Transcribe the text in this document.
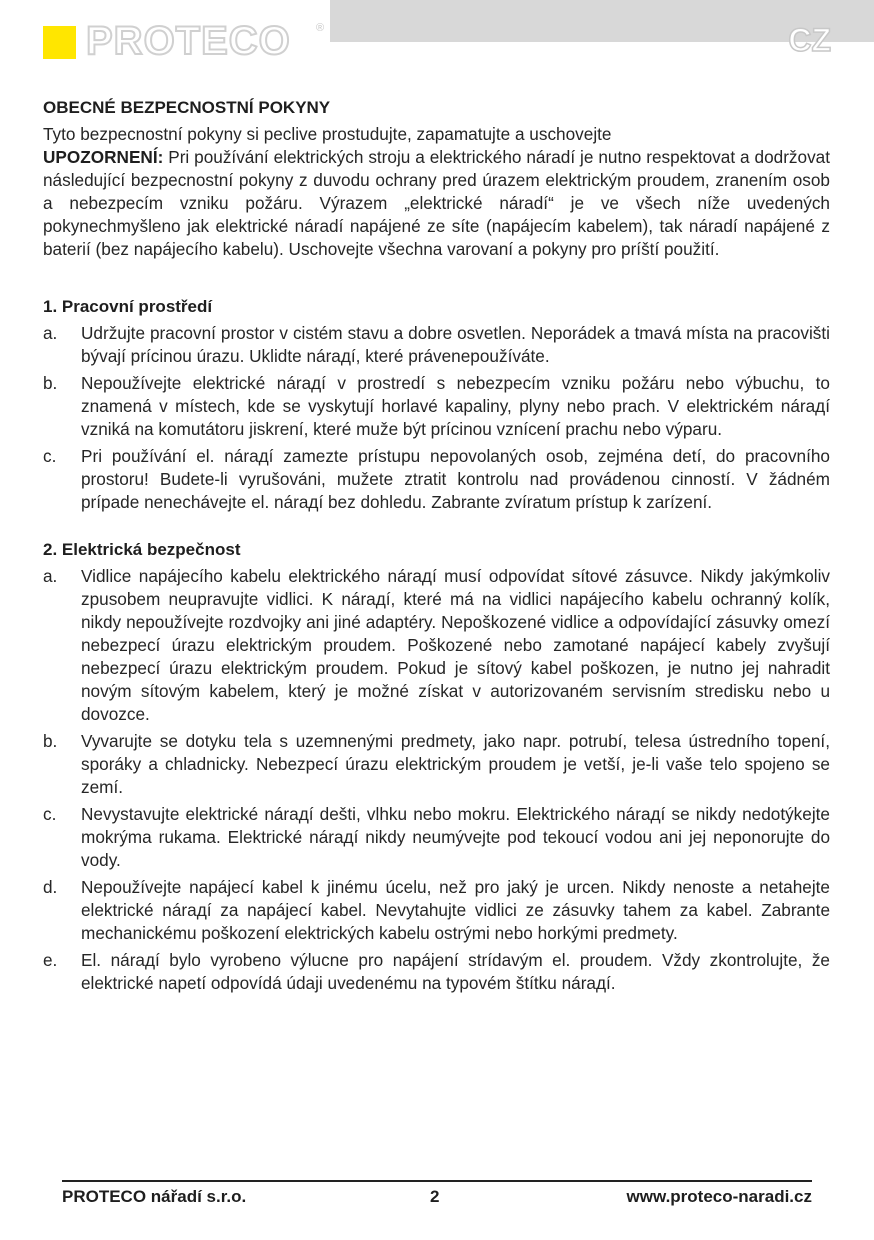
PROTECO ®	CZ
OBECNÉ BEZPECNOSTNÍ POKYNY

Tyto bezpecnostní pokyny si peclive prostudujte, zapamatujte a uschovejte

UPOZORNENÍ: Pri používání elektrických stroju a elektrického náradí je nutno respektovat a dodržovat následující bezpecnostní pokyny z duvodu ochrany pred úrazem elektrickým proudem, zranením osob a nebezpecím vzniku požáru. Výrazem „elektrické náradí“ je ve všech níže uvedených pokynechmyšleno jak elektrické náradí napájené ze síte (napájecím kabelem), tak náradí napájené z baterií (bez napájecího kabelu). Uschovejte všechna varovaní a pokyny pro príští použití.

1. Pracovní prostředí
a.	Udržujte pracovní prostor v cistém stavu a dobre osvetlen. Neporádek a tmavá místa na pracovišti bývají prícinou úrazu. Uklidte nárадí, které právenepoužíváte.
b.	Nepoužívejte elektrické nárадí v prostredí s nebezpecím vzniku požáru nebo výbuchu, to znamená v místech, kde se vyskytují horlavé kapaliny, plyny nebo prach. V elektrickém nárадí vzniká na komutátoru jiskrení, které muže být prícinou vznícení prachu nebo výparu.
c.	Pri používání el. nárадí zamezte prístupu nepovolaných osob, zejména detí, do pracovního prostoru! Budete-li vyrušováni, mužete ztratit kontrolu nad provádenou cinností. V žádném prípade nenechávejte el. nárадí bez dohledu. Zabrante zvíratum prístup k zarízení.
2. Elektrická bezpečnost
a.	Vidlice napájecího kabelu elektrického nárадí musí odpovídat sítové zásuvce. Nikdy jakýmkoliv zpusobem neupravujte vidlici. K nárадí, které má na vidlici napájecího kabelu ochranný kolík, nikdy nepoužívejte rozdvojky ani jiné adaptéry. Nepoškozené vidlice a odpovídající zásuvky omezí nebezpecí úrazu elektrickým proudem. Poškozené nebo zamotané napájecí kabely zvyšují nebezpecí úrazu elektrickým proudem. Pokud je sítový kabel poškozen, je nutno jej nahradit novým sítovým kabelem, který je možné získat v autorizovaném servisním stredisku nebo u dovozce.
b.	Vyvarujte se dotyku tela s uzemnenými predmety, jako napr. potrubí, telesa ústredního topení, sporáky a chladnicky. Nebezpecí úrazu elektrickým proudem je vetší, je-li vaše telo spojeno se zemí.
c.	Nevystavujte elektrické nárадí dešti, vlhku nebo mokru. Elektrického nárадí se nikdy nedotýkejte mokrýma rukama. Elektrické nárадí nikdy neumývejte pod tekoucí vodou ani jej neponorujte do vody.
d.	Nepoužívejte napájecí kabel k jinému úcelu, než pro jaký je urcen. Nikdy nenoste a netahejte elektrické nárадí za napájecí kabel. Nevytahujte vidlici ze zásuvky tahem za kabel. Zabrante mechanickému poškození elektrických kabelu ostrými nebo horkými predmety.
e.	El. nárадí bylo vyrobeno výlucne pro napájení strídavým el. proudem. Vždy zkontrolujte, že elektrické napetí odpovídá údaji uvedenému na typovém štítku nárадí.
PROTECO nářadí s.r.o.	2	www.proteco-naradi.cz
